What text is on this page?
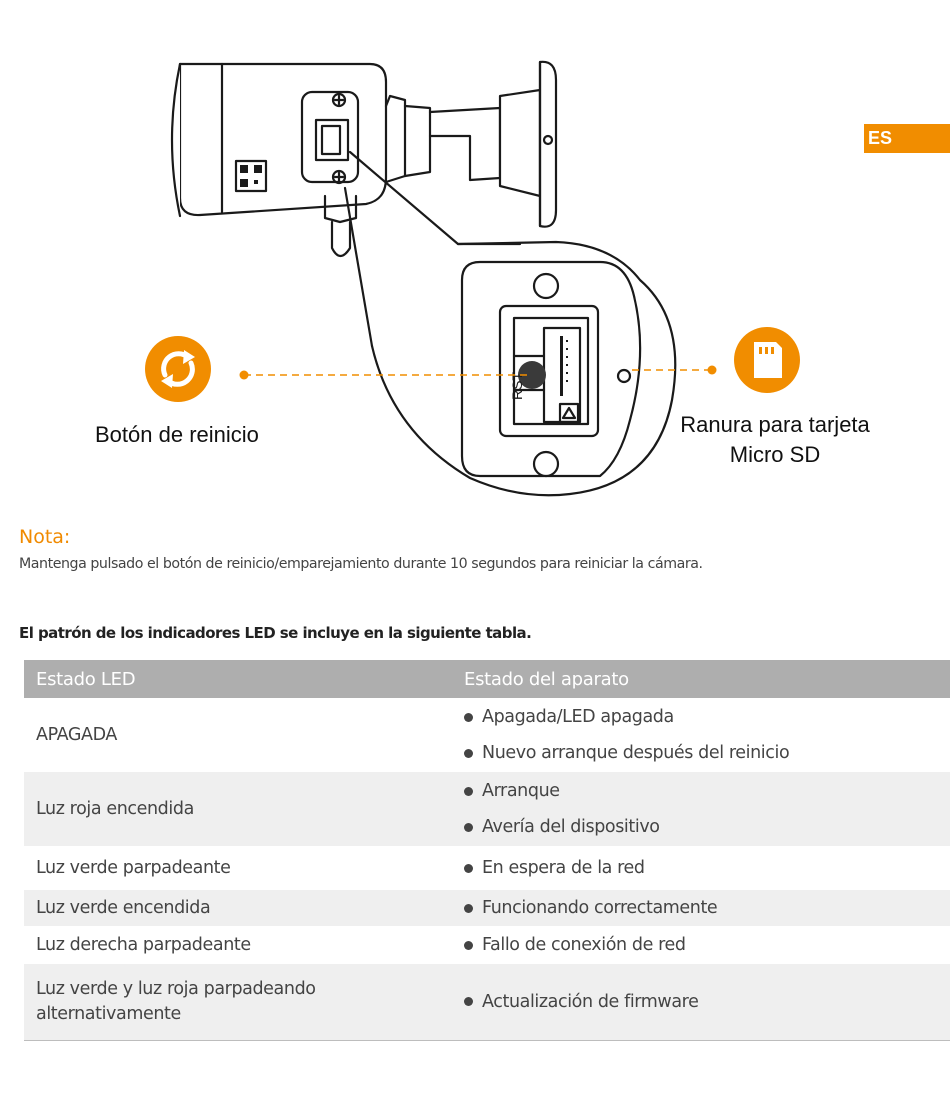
ES
RST
Botón de reinicio	Ranura para tarjeta
Micro SD
Nota:
Mantenga pulsado el botón de reinicio/emparejamiento durante 10 segundos para reiniciar la cámara.
El patrón de los indicadores LED se incluye en la siguiente tabla.
Estado LED	Estado del aparato
APAGADA	Apagada/LED apagada
Nuevo arranque después del reinicio

Luz roja encendida	Arranque
Avería del dispositivo

Luz verde parpadeante	En espera de la red

Luz verde encendida	Funcionando correctamente

Luz derecha parpadeante	Fallo de conexión de red

Luz verde y luz roja parpadeando alternativamente	Actualización de firmware
